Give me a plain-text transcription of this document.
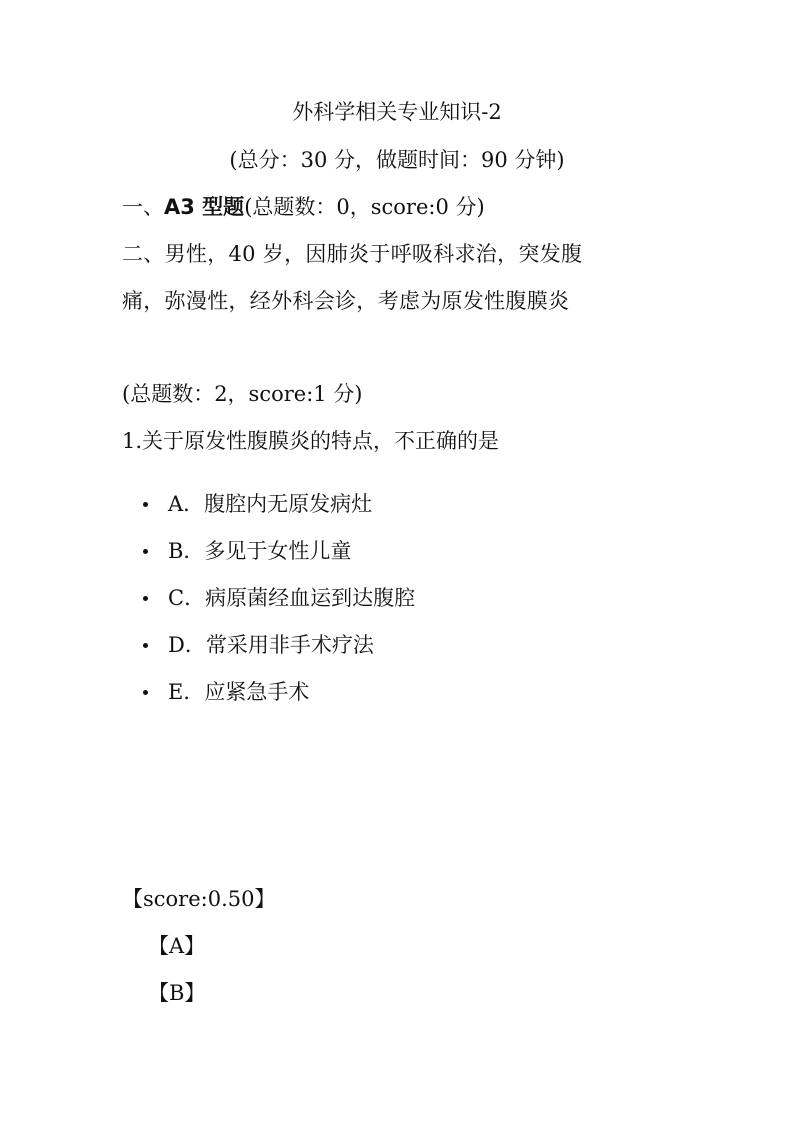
外科学相关专业知识-2
(总分：30 分，做题时间：90 分钟)
一、A3 型题(总题数：0，score:0 分)
二、男性，40 岁，因肺炎于呼吸科求治，突发腹
痛，弥漫性，经外科会诊，考虑为原发性腹膜炎
(总题数：2，score:1 分)
1.关于原发性腹膜炎的特点，不正确的是
A．腹腔内无原发病灶
B．多见于女性儿童
C．病原菌经血运到达腹腔
D．常采用非手术疗法
E．应紧急手术
【score:0.50】
【A】
【B】
